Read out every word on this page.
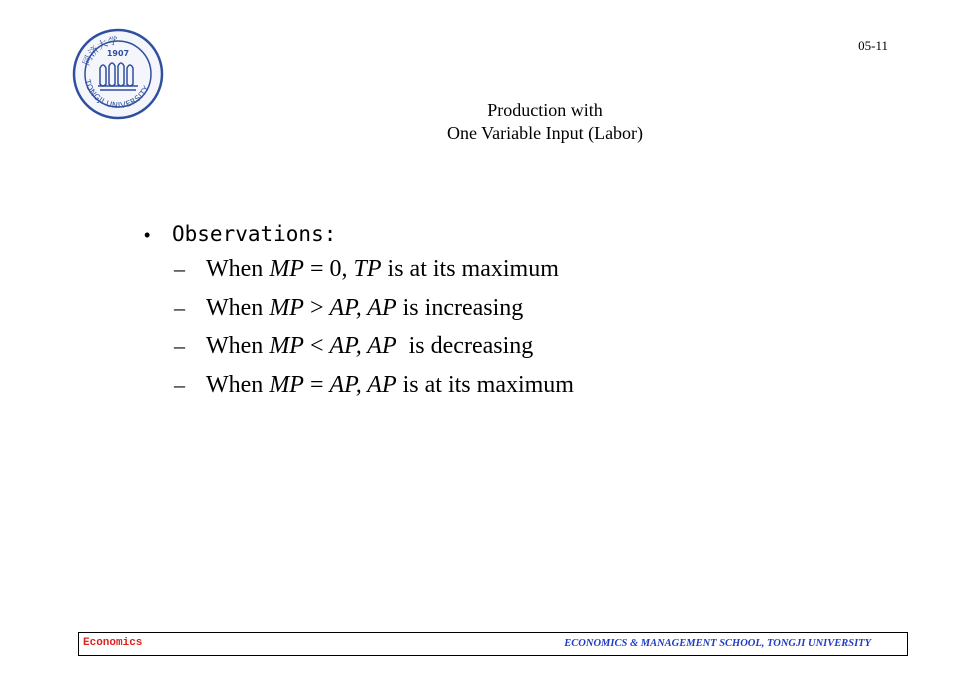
同济大学
1907
TONGJI UNIVERSITY
05-11
Production with
One Variable Input (Labor)
•	Observations:
– When MP = 0, TP is at its maximum
– When MP > AP, AP is increasing
– When MP < AP, AP  is decreasing
– When MP = AP, AP is at its maximum
Economics	ECONOMICS & MANAGEMENT SCHOOL, TONGJI UNIVERSITY
